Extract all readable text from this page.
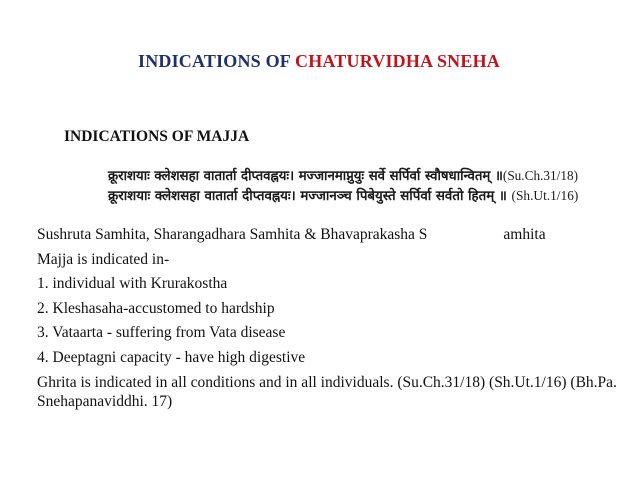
INDICATIONS OF CHATURVIDHA SNEHA
INDICATIONS OF MAJJA
क्रूराशयाः क्लेशसहा वातार्ता दीप्तवह्नयः। मज्जानमाप्नुयुः सर्वे सर्पिर्वा स्वौषधान्वितम् ॥(Su.Ch.31/18)
क्रूराशयाः क्लेशसहा वातार्ता दीप्तवह्नयः। मज्जानञ्च पिबेयुस्ते सर्पिर्वा सर्वतो हितम् ॥ (Sh.Ut.1/16)
Sushruta Samhita, Sharangadhara Samhita & Bhavaprakasha S	amhita
Majja is indicated in-
1. individual with Krurakostha
2. Kleshasaha-accustomed to hardship
3. Vataarta - suffering from Vata disease
4. Deeptagni capacity - have high digestive
Ghrita is indicated in all conditions and in all individuals. (Su.Ch.31/18) (Sh.Ut.1/16) (Bh.Pa. Snehapanaviddhi. 17)
